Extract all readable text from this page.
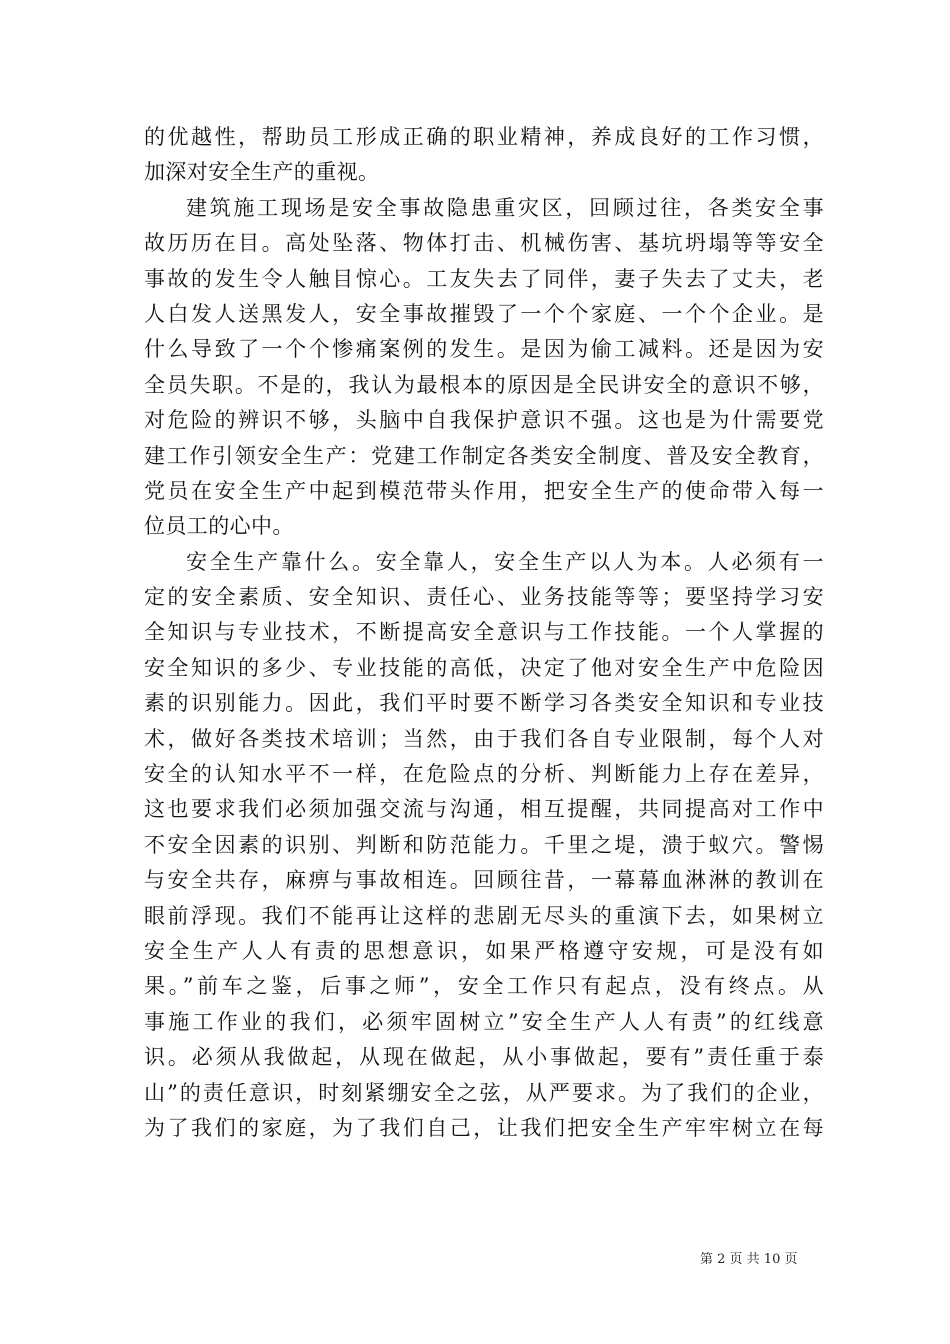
的优越性，帮助员工形成正确的职业精神，养成良好的工作习惯，
加深对安全生产的重视。
建筑施工现场是安全事故隐患重灾区，回顾过往，各类安全事
故历历在目。高处坠落、物体打击、机械伤害、基坑坍塌等等安全
事故的发生令人触目惊心。工友失去了同伴，妻子失去了丈夫，老
人白发人送黑发人，安全事故摧毁了一个个家庭、一个个企业。是
什么导致了一个个惨痛案例的发生。是因为偷工减料。还是因为安
全员失职。不是的，我认为最根本的原因是全民讲安全的意识不够，
对危险的辨识不够，头脑中自我保护意识不强。这也是为什需要党
建工作引领安全生产：党建工作制定各类安全制度、普及安全教育，
党员在安全生产中起到模范带头作用，把安全生产的使命带入每一
位员工的心中。
安全生产靠什么。安全靠人，安全生产以人为本。人必须有一
定的安全素质、安全知识、责任心、业务技能等等；要坚持学习安
全知识与专业技术，不断提高安全意识与工作技能。一个人掌握的
安全知识的多少、专业技能的高低，决定了他对安全生产中危险因
素的识别能力。因此，我们平时要不断学习各类安全知识和专业技
术，做好各类技术培训；当然，由于我们各自专业限制，每个人对
安全的认知水平不一样，在危险点的分析、判断能力上存在差异，
这也要求我们必须加强交流与沟通，相互提醒，共同提高对工作中
不安全因素的识别、判断和防范能力。千里之堤，溃于蚁穴。警惕
与安全共存，麻痹与事故相连。回顾往昔，一幕幕血淋淋的教训在
眼前浮现。我们不能再让这样的悲剧无尽头的重演下去，如果树立
安全生产人人有责的思想意识，如果严格遵守安规，可是没有如
果。”前车之鉴，后事之师”，安全工作只有起点，没有终点。从
事施工作业的我们，必须牢固树立”安全生产人人有责”的红线意
识。必须从我做起，从现在做起，从小事做起，要有”责任重于泰
山”的责任意识，时刻紧绷安全之弦，从严要求。为了我们的企业，
为了我们的家庭，为了我们自己，让我们把安全生产牢牢树立在每
第 2 页 共 10 页
